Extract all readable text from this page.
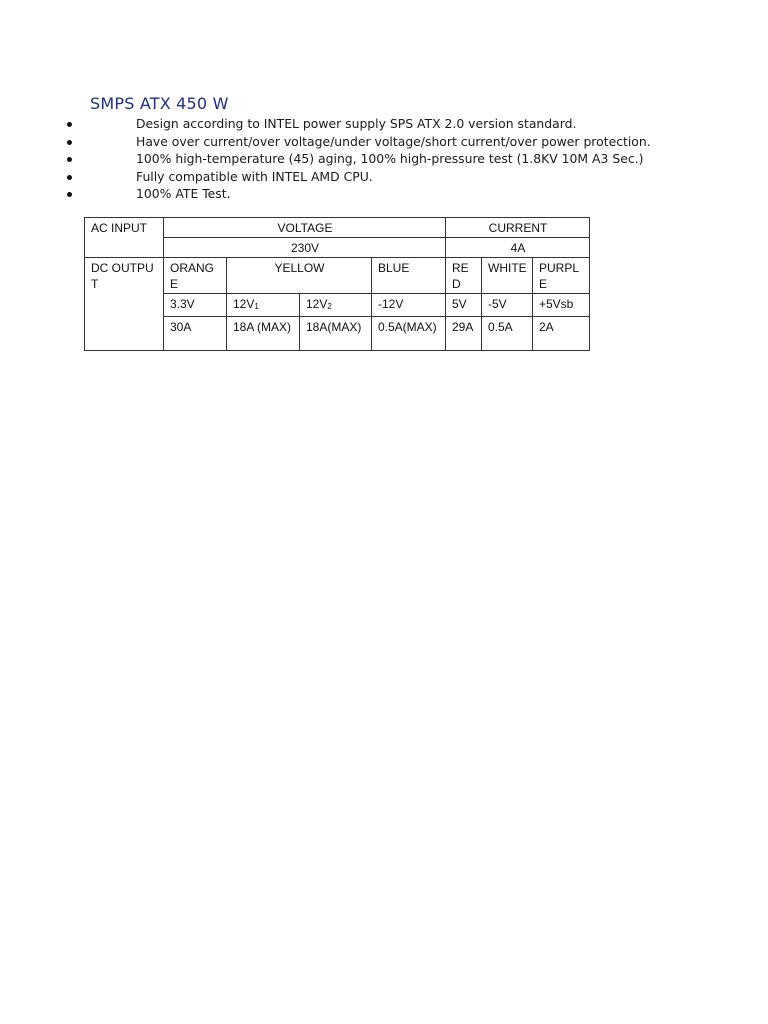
SMPS ATX 450 W
Design according to INTEL power supply SPS ATX 2.0 version standard.
Have over current/over voltage/under voltage/short current/over power protection.
100% high-temperature (45) aging, 100% high-pressure test (1.8KV 10M A3 Sec.)
Fully compatible with INTEL AMD CPU.
100% ATE Test.
AC INPUT	VOLTAGE				CURRENT		
	230V				4A		
DC OUTPUT	ORANGE	YELLOW		BLUE	RED	WHITE	PURPLE
	3.3V	12V1	12V2	-12V	5V	-5V	+5Vsb
	30A	18A (MAX)	18A(MAX)	0.5A(MAX)	29A	0.5A	2A
